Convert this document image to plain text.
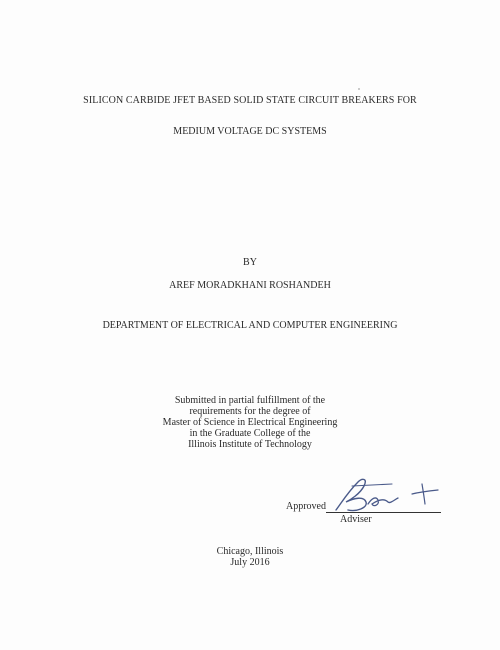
SILICON CARBIDE JFET BASED SOLID STATE CIRCUIT BREAKERS FOR
MEDIUM VOLTAGE DC SYSTEMS
BY
AREF MORADKHANI ROSHANDEH
DEPARTMENT OF ELECTRICAL AND COMPUTER ENGINEERING
Submitted in partial fulfillment of the
requirements for the degree of
Master of Science in Electrical Engineering
in the Graduate College of the
Illinois Institute of Technology
Approved
Adviser
Chicago, Illinois
July 2016
